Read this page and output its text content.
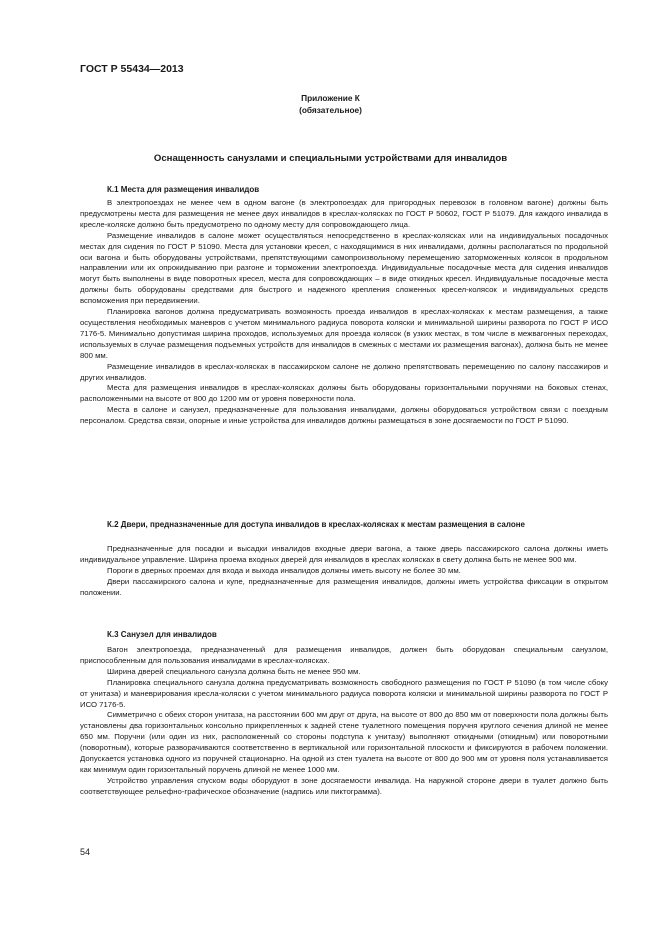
ГОСТ Р 55434—2013
Приложение К
(обязательное)
Оснащенность санузлами и специальными устройствами для инвалидов
К.1 Места для размещения инвалидов

В электропоездах не менее чем в одном вагоне (в электропоездах для пригородных перевозок в головном вагоне) должны быть предусмотрены места для размещения не менее двух инвалидов в креслах-колясках по ГОСТ Р 50602, ГОСТ Р 51079. Для каждого инвалида в кресле-коляске должно быть предусмотрено по одному месту для сопровождающего лица.

Размещение инвалидов в салоне может осуществляться непосредственно в креслах-колясках или на индивидуальных посадочных местах для сидения по ГОСТ Р 51090. Места для установки кресел, с находящимися в них инвалидами, должны располагаться по продольной оси вагона и быть оборудованы устройствами, препятствующими самопроизвольному перемещению заторможенных колясок в продольном направлении или их опрокидыванию при разгоне и торможении электропоезда. Индивидуальные посадочные места для сидения инвалидов могут быть выполнены в виде поворотных кресел, места для сопровождающих – в виде откидных кресел. Индивидуальные посадочные места должны быть оборудованы средствами для быстрого и надежного крепления сложенных кресел-колясок и индивидуальных средств вспоможения при передвижении.

Планировка вагонов должна предусматривать возможность проезда инвалидов в креслах-колясках к местам размещения, а также осуществления необходимых маневров с учетом минимального радиуса поворота коляски и минимальной ширины разворота по ГОСТ Р ИСО 7176-5. Минимально допустимая ширина проходов, используемых для проезда колясок (в узких местах, в том числе в межвагонных переходах, используемых в случае размещения подъемных устройств для инвалидов в смежных с местами их размещения вагонах), должна быть не менее 800 мм.

Размещение инвалидов в креслах-колясках в пассажирском салоне не должно препятствовать перемещению по салону пассажиров и других инвалидов.

Места для размещения инвалидов в креслах-колясках должны быть оборудованы горизонтальными поручнями на боковых стенах, расположенными на высоте от 800 до 1200 мм от уровня поверхности пола.

Места в салоне и санузел, предназначенные для пользования инвалидами, должны оборудоваться устройством связи с поездным персоналом. Средства связи, опорные и иные устройства для инвалидов должны размещаться в зоне досягаемости по ГОСТ Р 51090.

К.2 Двери, предназначенные для доступа инвалидов в креслах-колясках к местам размещения в салоне

Предназначенные для посадки и высадки инвалидов входные двери вагона, а также дверь пассажирского салона должны иметь индивидуальное управление. Ширина проема входных дверей для инвалидов в креслах колясках в свету должна быть не менее 900 мм.

Пороги в дверных проемах для входа и выхода инвалидов должны иметь высоту не более 30 мм.

Двери пассажирского салона и купе, предназначенные для размещения инвалидов, должны иметь устройства фиксации в открытом положении.

К.3 Санузел для инвалидов

Вагон электропоезда, предназначенный для размещения инвалидов, должен быть оборудован специальным санузлом, приспособленным для пользования инвалидами в креслах-колясках.

Ширина дверей специального санузла должна быть не менее 950 мм.

Планировка специального санузла должна предусматривать возможность свободного размещения по ГОСТ Р 51090 (в том числе сбоку от унитаза) и маневрирования кресла-коляски с учетом минимального радиуса поворота коляски и минимальной ширины разворота по ГОСТ Р ИСО 7176-5.

Симметрично с обеих сторон унитаза, на расстоянии 600 мм друг от друга, на высоте от 800 до 850 мм от поверхности пола должны быть установлены два горизонтальных консольно прикрепленных к задней стене туалетного помещения поручня круглого сечения длиной не менее 650 мм. Поручни (или один из них, расположенный со стороны подступа к унитазу) выполняют откидными (откидным) или поворотными (поворотным), которые разворачиваются соответственно в вертикальной или горизонтальной плоскости и фиксируются в рабочем положении. Допускается установка одного из поручней стационарно. На одной из стен туалета на высоте от 800 до 900 мм от уровня поля устанавливается как минимум один горизонтальный поручень длиной не менее 1000 мм.

Устройство управления спуском воды оборудуют в зоне досягаемости инвалида. На наружной стороне двери в туалет должно быть соответствующее рельефно-графическое обозначение (надпись или пиктограмма).

54
